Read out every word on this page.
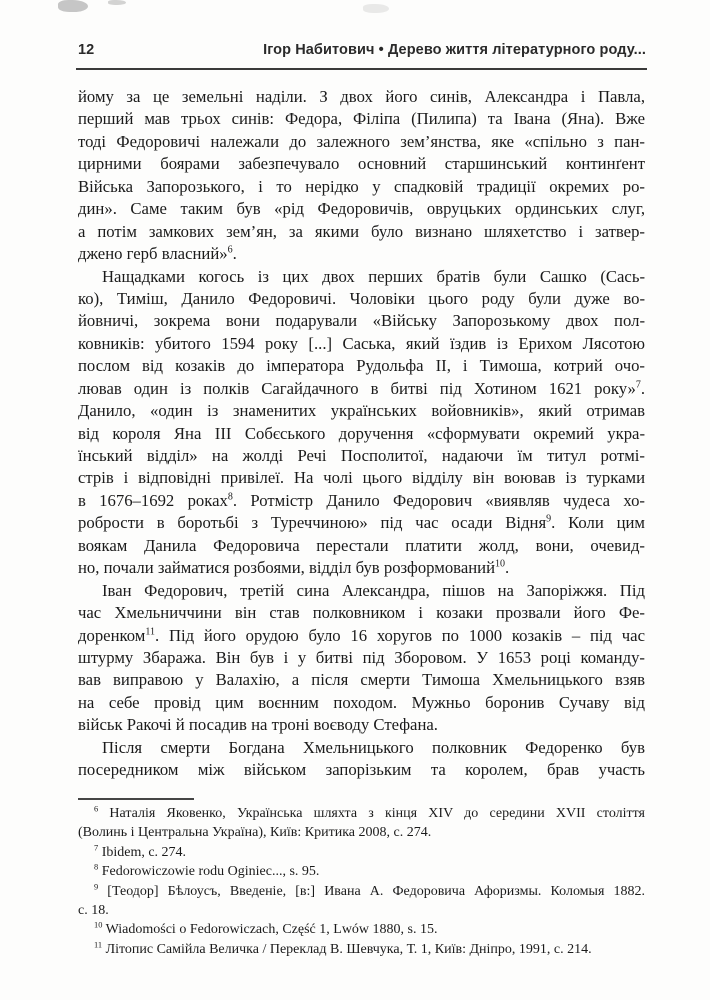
12	Ігор Набитович • Дерево життя літературного роду...
йому за це земельні наділи. З двох його синів, Александра і Павла,
перший мав трьох синів: Федора, Філіпа (Пилипа) та Івана (Яна). Вже
тоді Федоровичі належали до залежного зем’янства, яке «спільно з пан-
цирними боярами забезпечувало основний старшинський континґент
Війська Запорозького, і то нерідко у спадковій традиції окремих ро-
дин». Саме таким був «рід Федоровичів, овруцьких ординських слуг,
а потім замкових зем’ян, за якими було визнано шляхетство і затвер-
джено герб власний»$^6$.
Нащадками когось із цих двох перших братів були Сашко (Сась-
ко), Тиміш, Данило Федоровичі. Чоловіки цього роду були дуже во-
йовничі, зокрема вони подарували «Війську Запорозькому двох пол-
ковників: убитого 1594 року [...] Саська, який їздив із Ерихом Лясотою
послом від козаків до імператора Рудольфа II, і Тимоша, котрий очо-
лював один із полків Сагайдачного в битві під Хотином 1621 року»$^7$.
Данило, «один із знаменитих українських войовників», який отримав
від короля Яна III Собєського доручення «сформувати окремий укра-
їнський відділ» на жолді Речі Посполитої, надаючи їм титул ротмі-
стрів і відповідні привілеї. На чолі цього відділу він воював із турками
в 1676–1692 роках$^8$. Ротмістр Данило Федорович «виявляв чудеса хо-
робрости в боротьбі з Туреччиною» під час осади Відня$^9$. Коли цим
воякам Данила Федоровича перестали платити жолд, вони, очевид-
но, почали займатися розбоями, відділ був розформований$^{10}$.
Іван Федорович, третій сина Александра, пішов на Запоріжжя. Під
час Хмельниччини він став полковником і козаки прозвали його Фе-
доренком$^{11}$. Під його орудою було 16 хоругов по 1000 козаків – під час
штурму Збаража. Він був і у битві під Зборовом. У 1653 році команду-
вав виправою у Валахію, а після смерти Тимоша Хмельницького взяв
на себе провід цим воєнним походом. Мужньо боронив Сучаву від
військ Ракочі й посадив на троні воєводу Стефана.
Після смерти Богдана Хмельницького полковник Федоренко був
посередником між військом запорізьким та королем, брав участь
$^6$ Наталія Яковенко, Українська шляхта з кінця XIV до середини XVII століття
(Волинь і Центральна Україна), Київ: Критика 2008, с. 274.
$^7$ Ibidem, с. 274.
$^8$ Fedorowiczowie rodu Oginiec..., s. 95.
$^9$ [Теодор] Бѣлоусъ, Введеніе, [в:] Ивана А. Федоровича Афоризмы. Коломыя 1882.
с. 18.
$^{10}$ Wiadomości o Fedorowiczach, Część 1, Lwów 1880, s. 15.
$^{11}$ Літопис Самійла Величка / Переклад В. Шевчука, Т. 1, Київ: Дніпро, 1991, с. 214.
